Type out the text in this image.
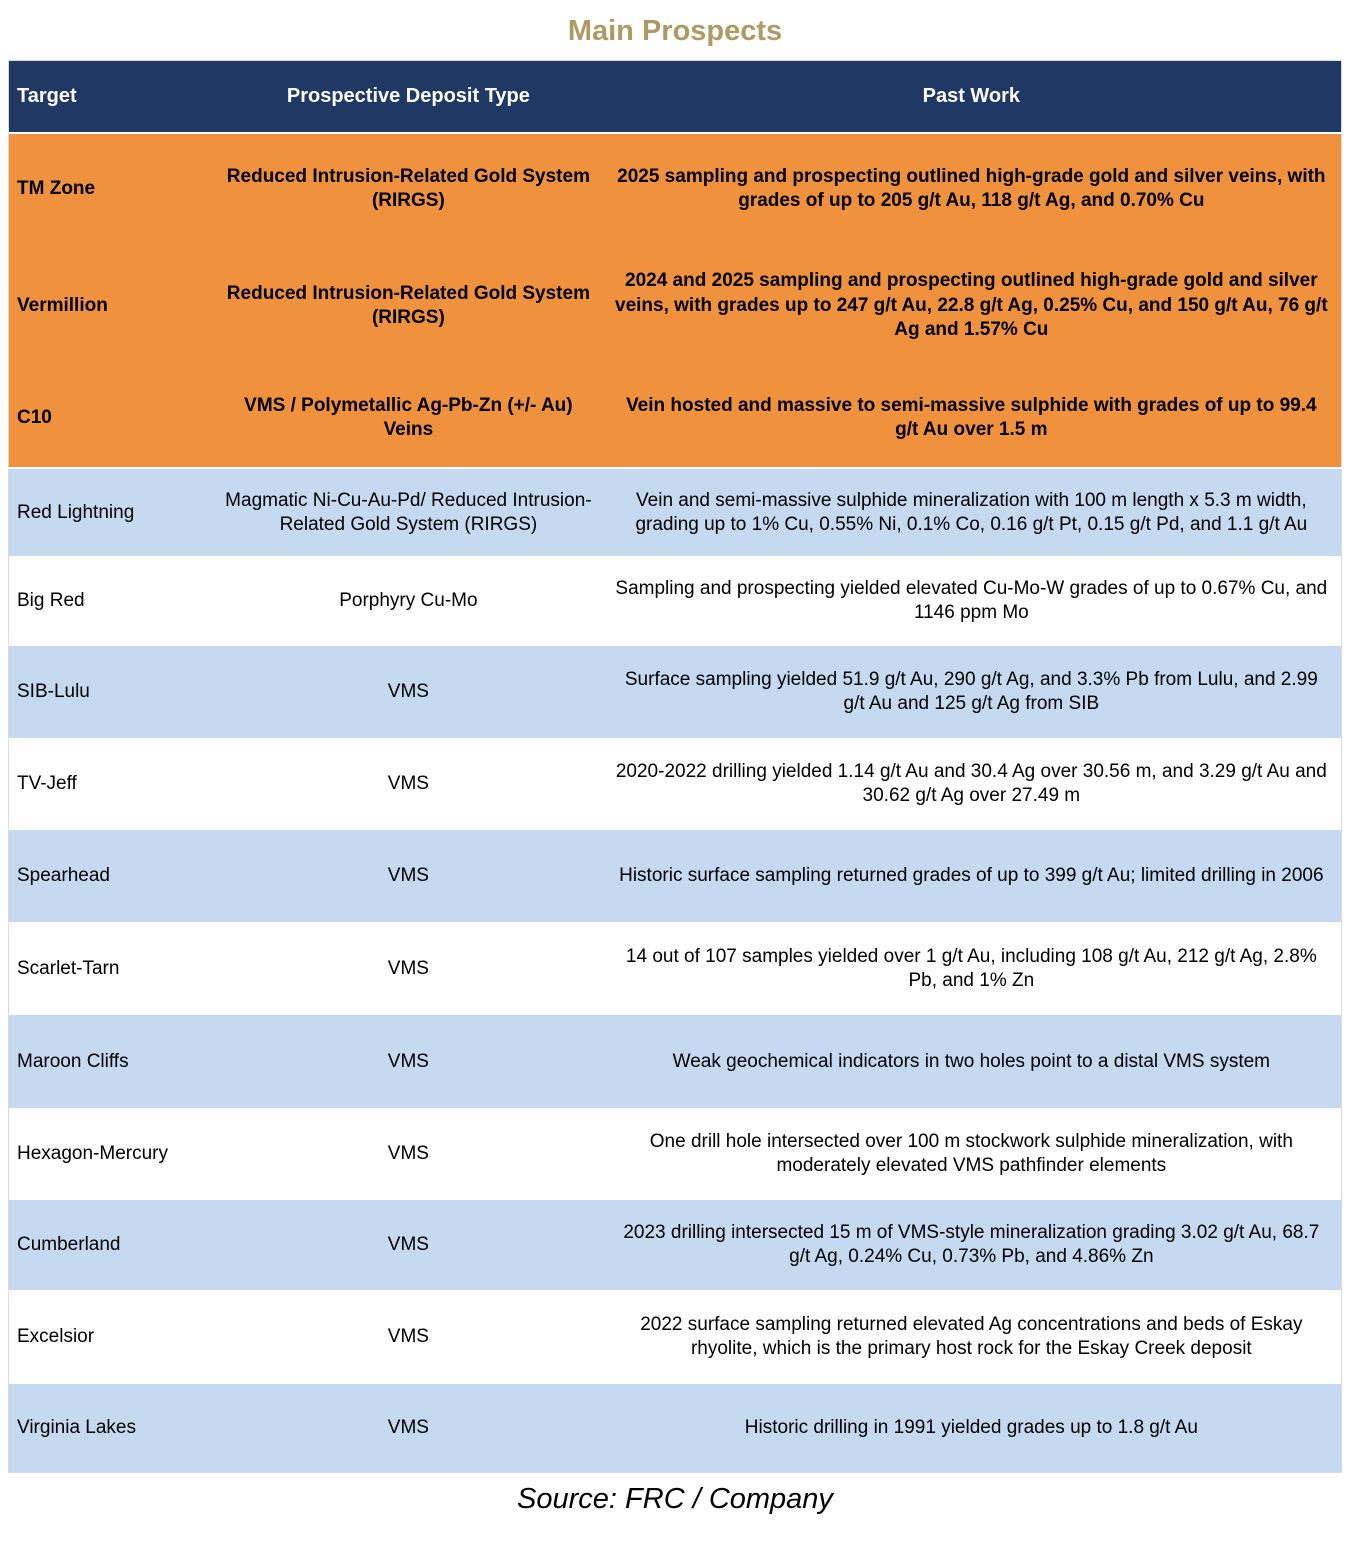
Main Prospects
Target	Prospective Deposit Type	Past Work
TM Zone	Reduced Intrusion-Related Gold System (RIRGS)	2025 sampling and prospecting outlined high-grade gold and silver veins, with grades of up to 205 g/t Au, 118 g/t Ag, and 0.70% Cu
Vermillion	Reduced Intrusion-Related Gold System (RIRGS)	2024 and 2025 sampling and prospecting outlined high-grade gold and silver veins, with grades up to 247 g/t Au, 22.8 g/t Ag, 0.25% Cu, and 150 g/t Au, 76 g/t Ag and 1.57% Cu
C10	VMS / Polymetallic Ag-Pb-Zn (+/- Au) Veins	Vein hosted and massive to semi-massive sulphide with grades of up to 99.4 g/t Au over 1.5 m
Red Lightning	Magmatic Ni-Cu-Au-Pd/ Reduced Intrusion-Related Gold System (RIRGS)	Vein and semi-massive sulphide mineralization with 100 m length x 5.3 m width, grading up to 1% Cu, 0.55% Ni, 0.1% Co, 0.16 g/t Pt, 0.15 g/t Pd, and 1.1 g/t Au
Big Red	Porphyry Cu-Mo	Sampling and prospecting yielded elevated Cu-Mo-W grades of up to 0.67% Cu, and 1146 ppm Mo
SIB-Lulu	VMS	Surface sampling yielded 51.9 g/t Au, 290 g/t Ag, and 3.3% Pb from Lulu, and 2.99 g/t Au and 125 g/t Ag from SIB
TV-Jeff	VMS	2020-2022 drilling yielded 1.14 g/t Au and 30.4 Ag over 30.56 m, and 3.29 g/t Au and 30.62 g/t Ag over 27.49 m
Spearhead	VMS	Historic surface sampling returned grades of up to 399 g/t Au; limited drilling in 2006
Scarlet-Tarn	VMS	14 out of 107 samples yielded over 1 g/t Au, including 108 g/t Au, 212 g/t Ag, 2.8% Pb, and 1% Zn
Maroon Cliffs	VMS	Weak geochemical indicators in two holes point to a distal VMS system
Hexagon-Mercury	VMS	One drill hole intersected over 100 m stockwork sulphide mineralization, with moderately elevated VMS pathfinder elements
Cumberland	VMS	2023 drilling intersected 15 m of VMS-style mineralization grading 3.02 g/t Au, 68.7 g/t Ag, 0.24% Cu, 0.73% Pb, and 4.86% Zn
Excelsior	VMS	2022 surface sampling returned elevated Ag concentrations and beds of Eskay rhyolite, which is the primary host rock for the Eskay Creek deposit
Virginia Lakes	VMS	Historic drilling in 1991 yielded grades up to 1.8 g/t Au
Source: FRC / Company
